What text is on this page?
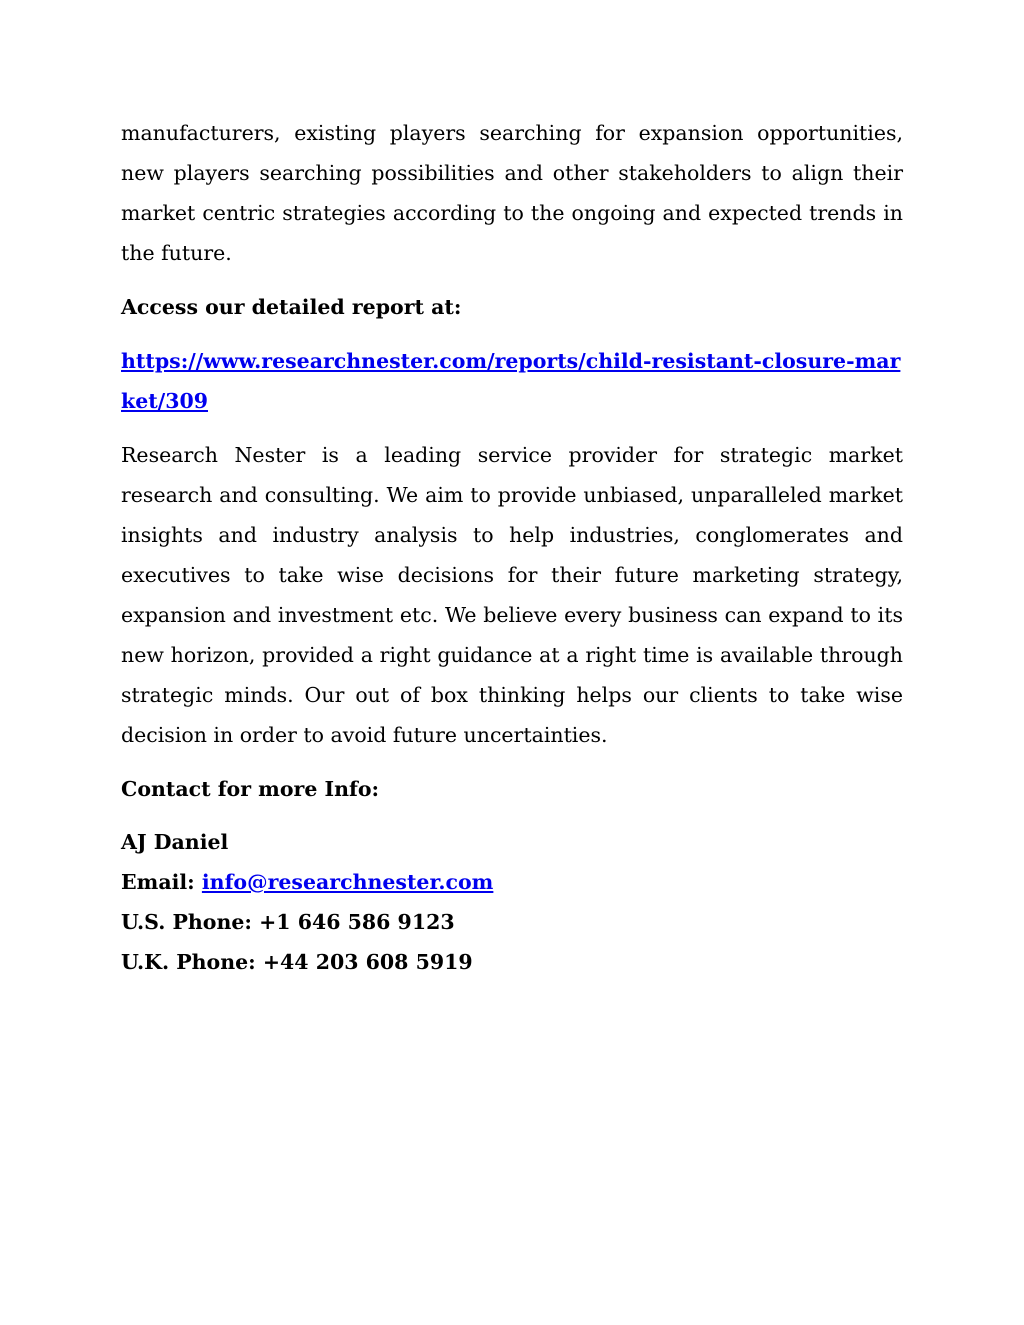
manufacturers, existing players searching for expansion opportunities, new players searching possibilities and other stakeholders to align their market centric strategies according to the ongoing and expected trends in the future.

Access our detailed report at:

https://www.researchnester.com/reports/child-resistant-closure-market/309

Research Nester is a leading service provider for strategic market research and consulting. We aim to provide unbiased, unparalleled market insights and industry analysis to help industries, conglomerates and executives to take wise decisions for their future marketing strategy, expansion and investment etc. We believe every business can expand to its new horizon, provided a right guidance at a right time is available through strategic minds. Our out of box thinking helps our clients to take wise decision in order to avoid future uncertainties.

Contact for more Info:

AJ Daniel

Email: info@researchnester.com

U.S. Phone: +1 646 586 9123

U.K. Phone: +44 203 608 5919
